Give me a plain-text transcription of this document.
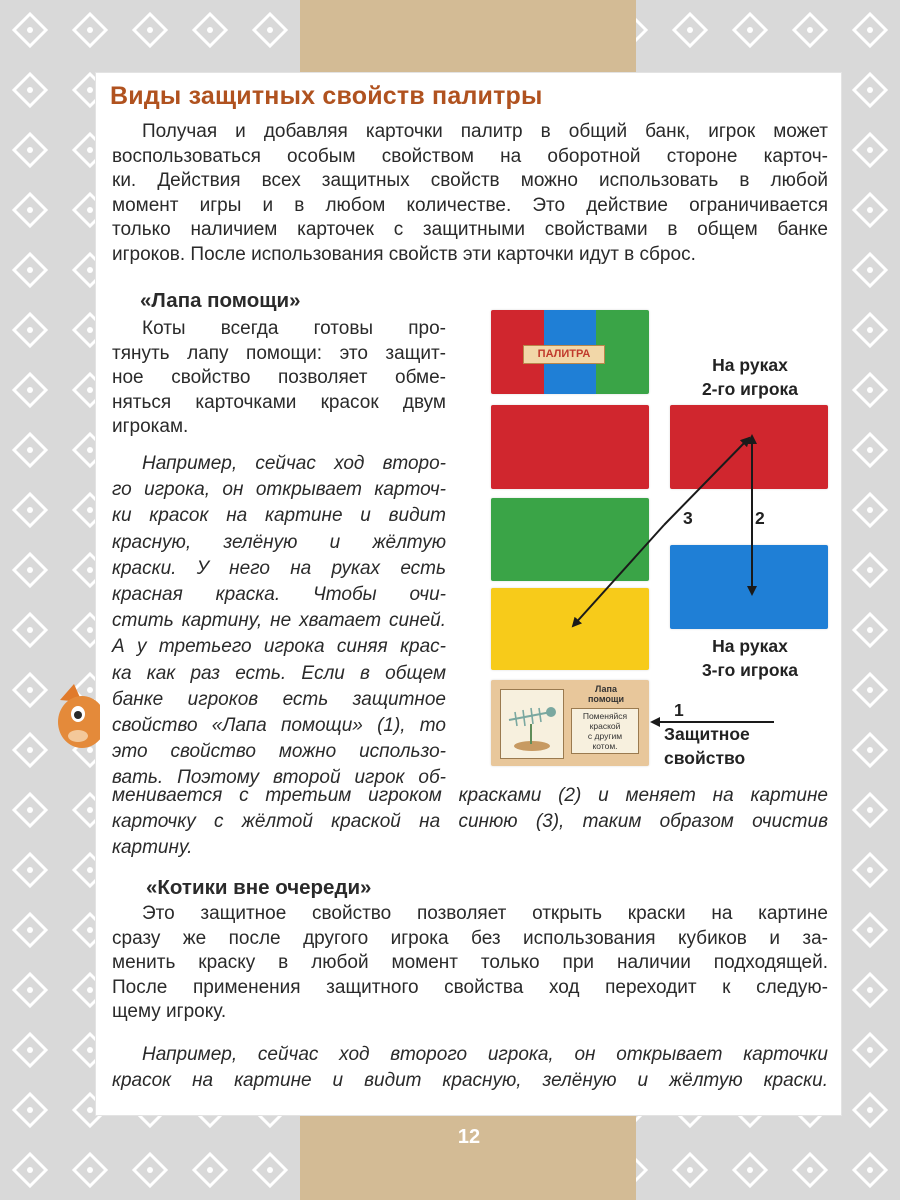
Виды защитных свойств палитры
Получая и добавляя карточки палитр в общий банк, игрок может
воспользоваться особым свойством на оборотной стороне карточ-
ки. Действия всех защитных свойств можно использовать в любой
момент игры и в любом количестве. Это действие ограничивается
только наличием карточек с защитными свойствами в общем банке
игроков. После использования свойств эти карточки идут в сброс.
«Лапа помощи»
Коты всегда готовы про-
тянуть лапу помощи: это защит-
ное свойство позволяет обме-
няться карточками красок двум
игрокам.
Например, сейчас ход второ-
го игрока, он открывает карточ-
ки красок на картине и видит
красную, зелёную и жёлтую
краски. У него на руках есть
красная краска. Чтобы очи-
стить картину, не хватает синей.
А у третьего игрока синяя крас-
ка как раз есть. Если в общем
банке игроков есть защитное
свойство «Лапа помощи» (1), то
это свойство можно использо-
вать. Поэтому второй игрок об-
менивается с третьим игроком красками (2) и меняет на картине
карточку с жёлтой краской на синюю (3), таким образом очистив
картину.
ПАЛИТРА
На руках
2-го игрока
На руках
3-го игрока
Лапа
помощи
Поменяйся
краской
с другим
котом.
3	2
1
Защитное
свойство
«Котики вне очереди»
Это защитное свойство позволяет открыть краски на картине
сразу же после другого игрока без использования кубиков и за-
менить краску в любой момент только при наличии подходящей.
После применения защитного свойства ход переходит к следую-
щему игроку.
Например, сейчас ход второго игрока, он открывает карточки
красок на картине и видит красную, зелёную и жёлтую краски.
12
